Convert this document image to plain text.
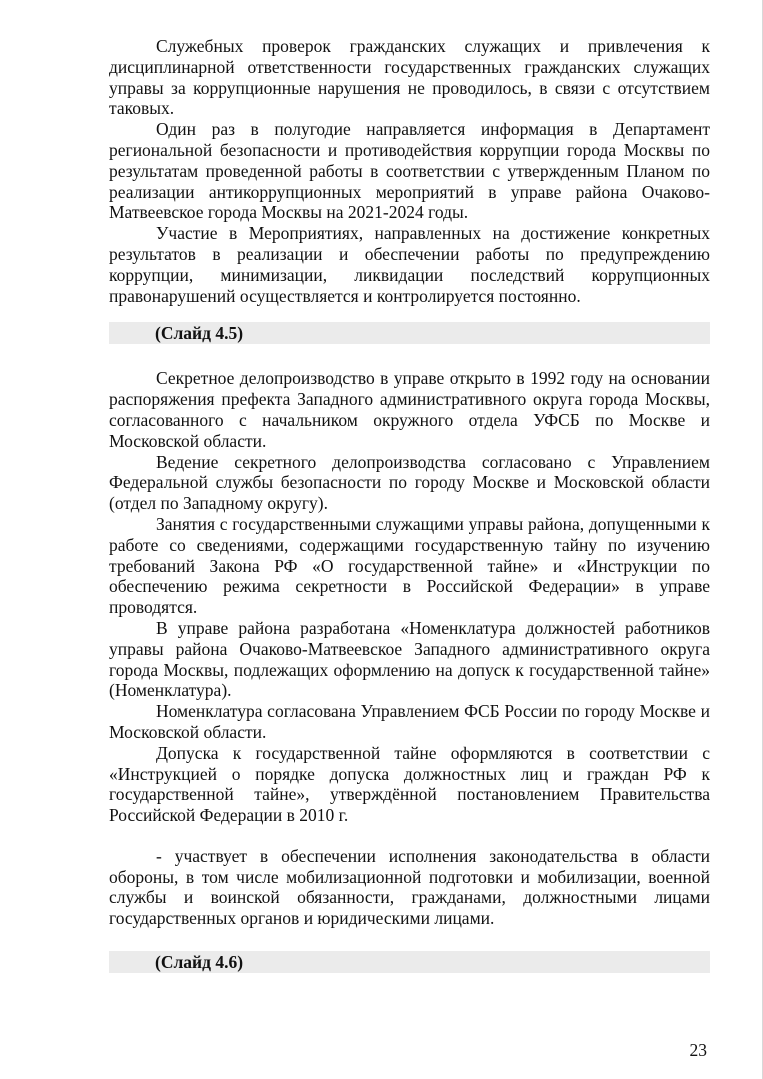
Служебных проверок гражданских служащих и привлечения к дисциплинарной ответственности государственных гражданских служащих управы за коррупционные нарушения не проводилось, в связи с отсутствием таковых.

Один раз в полугодие направляется информация в Департамент региональной безопасности и противодействия коррупции города Москвы по результатам проведенной работы в соответствии с утвержденным Планом по реализации антикоррупционных мероприятий в управе района Очаково-Матвеевское города Москвы на 2021-2024 годы.

Участие в Мероприятиях, направленных на достижение конкретных результатов в реализации и обеспечении работы по предупреждению коррупции, минимизации, ликвидации последствий коррупционных правонарушений осуществляется и контролируется постоянно.

(Слайд 4.5)

Секретное делопроизводство в управе открыто в 1992 году на основании распоряжения префекта Западного административного округа города Москвы, согласованного с начальником окружного отдела УФСБ по Москве и Московской области.

Ведение секретного делопроизводства согласовано с Управлением Федеральной службы безопасности по городу Москве и Московской области (отдел по Западному округу).

Занятия с государственными служащими управы района, допущенными к работе со сведениями, содержащими государственную тайну по изучению требований Закона РФ «О государственной тайне» и «Инструкции по обеспечению режима секретности в Российской Федерации» в управе проводятся.

В управе района разработана «Номенклатура должностей работников управы района Очаково-Матвеевское Западного административного округа города Москвы, подлежащих оформлению на допуск к государственной тайне» (Номенклатура).

Номенклатура согласована Управлением ФСБ России по городу Москве и Московской области.

Допуска к государственной тайне оформляются в соответствии с «Инструкцией о порядке допуска должностных лиц и граждан РФ к государственной тайне», утверждённой постановлением Правительства Российской Федерации в 2010 г.

- участвует в обеспечении исполнения законодательства в области обороны, в том числе мобилизационной подготовки и мобилизации, военной службы и воинской обязанности, гражданами, должностными лицами государственных органов и юридическими лицами.

(Слайд 4.6)
23
